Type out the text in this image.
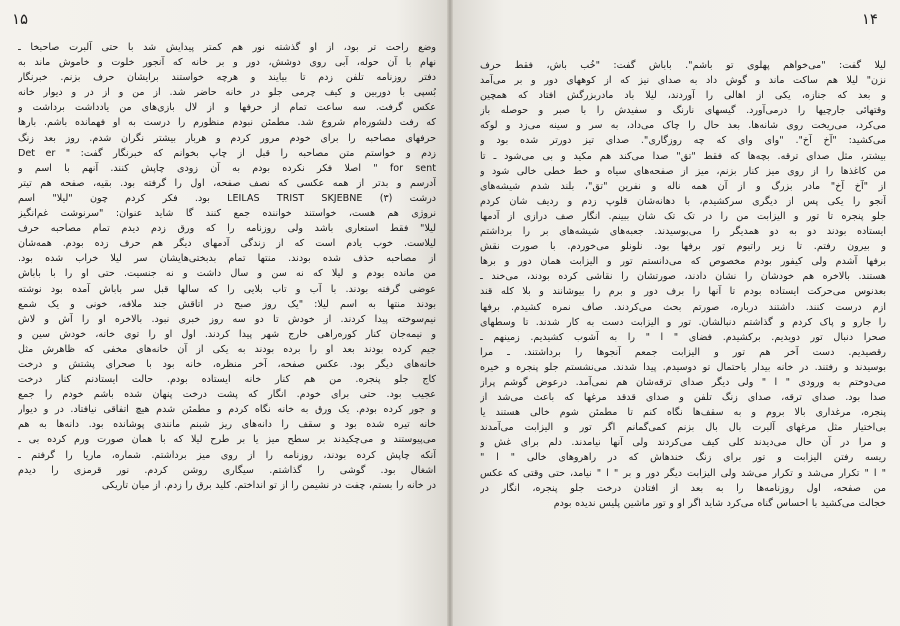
۱۵
وضع راحت تر بود، از او گذشته نور هم کمتر پیدایش شد با حتی آلبرت صاحبخا ـ
نهام با آن حوله، آبی روی دوشش، دور و بر خانه که آنجور خلوت و خاموش ماند به
دفتر روزنامه تلفن زدم تا بیایند و هرچه خواستند برایشان حرف بزنم. خبرنگار
بُسپی با دوربین و کیف چرمی جلو در خانه حاضر شد. از من و از در و دیوار خانه
عکس گرفت. سه ساعت تمام از حرفها و از لال بازی‌های من یادداشت برداشت و
که رفت دلشوره‌ام شروع شد. مطمئن نبودم منظورم را درست به او فهمانده باشم. بارها
حرفهای مصاحبه را برای خودم مرور کردم و هربار بیشتر نگران شدم. روز بعد زنگ
زدم و خواستم متن مصاحبه را قبل از چاپ بخوانم که خبرنگار گفت: " Det er
for sent " اصلا فکر نکرده بودم به آن زودی چاپش کنند. آنهم با اسم و
آدرسم و بدتر از همه عکسی که نصف صفحه، اول را گرفته بود. بقیه، صفحه هم تیتر
درشت LEILAS TRIST SKJEBNE (۳) بود. فکر کردم چون "لیلا" اسم
نروژی هم هست، خواستند خواننده جمع کنند گا شاید عنوان: "سرنوشت غم‌انگیز
لیلا" فقط استعاری باشد ولی روزنامه را که ورق زدم دیدم تمام مصاحبه حرف
لیلاست. خوب یادم است که از زندگی آدمهای دیگر هم حرف زده بودم. همه‌شان
از مصاحبه حذف شده بودند. منتها تمام بدبختی‌هایشان سر لیلا خراب شده بود.
من مانده بودم و لیلا که نه سن و سال داشت و نه جنسیت. حتی او را با باباش
عوضی گرفته بودند. با آب و تاب بلایی را که سالها قبل سر باباش آمده بود نوشته
بودند منتها به اسم لیلا: "یک روز صبح در اتاقش جند ملافه، خونی و یک شمع
نیم‌سوخته پیدا کردند. از خودش تا دو سه روز خبری نبود. بالاخره او را آش و لاش
و نیمه‌جان کنار کوره‌راهی خارج شهر پیدا کردند. اول او را توی خانه، خودش سین و
جیم کرده بودند بعد او را برده بودند به یکی از آن خانه‌های مخفی که ظاهرش مثل
خانه‌های دیگر بود. عکس صفحه، آخر منظره، خانه بود با صحرای پشتش و درخت
کاج جلو پنجره. من هم کنار خانه ایستاده بودم. حالت ایستادنم کنار درخت
عجیب بود. حتی برای خودم. انگار که پشت درخت پنهان شده باشم خودم را جمع
و جور کرده بودم. یک ورق به خانه نگاه کردم و مطمئن شدم هیچ اتفاقی نیافتاد. در و دیوار
خانه تیره شده بود و سقف را دانه‌های ریز شبنم مانندی پوشانده بود. دانه‌ها به هم
می‌پیوستند و می‌چکیدند بر سطح میز یا بر طرح لیلا که با همان صورت ورم کرده بی ـ
آنکه چاپش کرده بودند، روزنامه را از روی میز برداشتم. شماره، ماریا را گرفتم ـ
اشغال بود. گوشی را گذاشتم. سیگاری روشن کردم. نور قرمزی را دیدم
در خانه را بستم، چفت در نشیمن را از تو انداختم. کلید برق را زدم. از میان تاریکی
۱۴
لیلا گفت: "می‌خواهم پهلوی تو باشم". باباش گفت: "خُب باش، فقط حرف
نزن" لیلا هم ساکت ماند و گوش داد به صدای نیز که از کوههای دور و بر می‌آمد
و بعد که جنازه، یکی از اهالی را آوردند، لیلا باد مادربزرگش افتاد که همچین
وقتهائی جارچیها را درمی‌آورد. گیسهای نارنگ و سفیدش را با صبر و حوصله باز
می‌کرد، می‌ریخت روی شانه‌ها. بعد حال را چاک می‌داد، به سر و سینه می‌زد و لوکه
می‌کشید: "آخ آخ". "وای وای که چه روزگاری". صدای تیز دورتر شده بود و
بیشتر، مثل صدای ترقه. بچه‌ها که فقط "تق" صدا می‌کند هم مکید و بی می‌شود ـ تا
من کاغذها را از روی میز کنار بزنم، میز از صفحه‌های سیاه و خط خطی خالی شود و
از "آخ آخ" مادر بزرگ و از آن همه ناله و نفرین "تق"، بلند شدم شیشه‌های
آنجو را یکی پس از دیگری سرکشیدم، با دهانه‌شان قلوپ زدم و ردیف شان کردم
جلو پنجره تا تور و الیزابت من را در تک تک شان ببینم. انگار صف درازی از آدمها
ایستاده بودند دو به دو همدیگر را می‌بوسیدند. جعبه‌های شیشه‌های بر را برداشتم
و بیرون رفتم. تا زیر راتیوم تور برفها بود. نلونلو می‌خوردم. با صورت نقش
برفها آشدم ولی کیفور بودم مخصوص که می‌دانستم تور و الیزابت همان دور و برها
هستند. بالاخره هم خودشان را نشان دادند، صورتشان را نقاشی کرده بودند، می‌خند ـ
بعدنوس می‌حرکت ایستاده بودم تا آنها را برف دور و برم را بیوشانند و بلا کله قند
ازم درست کنند. داشتند درباره، صورتم بحث می‌کردند. صاف نمره کشیدم. برفها
را جارو و پاک کردم و گذاشتم دنبالشان. تور و الیزابت دست به کار شدند. تا وسطهای
صحرا دنبال تور دویدیم. برکشیدم. فضای " ا " را به آشوب کشیدیم. زمینهم ـ
رقصیدیم. دست آخر هم تور و الیزابت جمعم آنجوها را برداشتند. ـ مرا
بوسیدند و رفتند. در خانه بیدار یاحتمال تو دوسیدم. پیدا شدند. می‌نشستم جلو پنجره و خیره
می‌دوختم به ورودی " ا " ولی دیگر صدای ترقه‌شان هم نمی‌آمد. درعوض گوشم پراز
صدا بود. صدای ترقه، صدای زنگ تلفن و صدای قدقد مرغها که باعث می‌شد از
پنجره، مرغداری بالا بروم و به سقف‌ها نگاه کنم تا مطمئن شوم خالی هستند یا
بی‌اختیار مثل مرغهای آلبرت بال بال بزنم کمی‌گمانم اگر تور و الیزابت می‌آمدند
و مرا در آن حال می‌دیدند کلی کیف می‌کردند ولی آنها نیامدند. دلم برای غش و
ریسه رفتن الیزابت و تور برای زنگ خندهاش که در راهروهای خالی " ا "
" ا " تکرار می‌شد و تکرار می‌شد ولی الیزابت دیگر دور و بر " ا " نیامد، حتی وقتی که عکس
من صفحه، اول روزنامه‌ها را به بعد از افتادن درخت جلو پنجره، انگار در
خجالت می‌کشید با احساس گناه می‌کرد شاید اگر او و تور ماشین پلیس ندیده بودم
